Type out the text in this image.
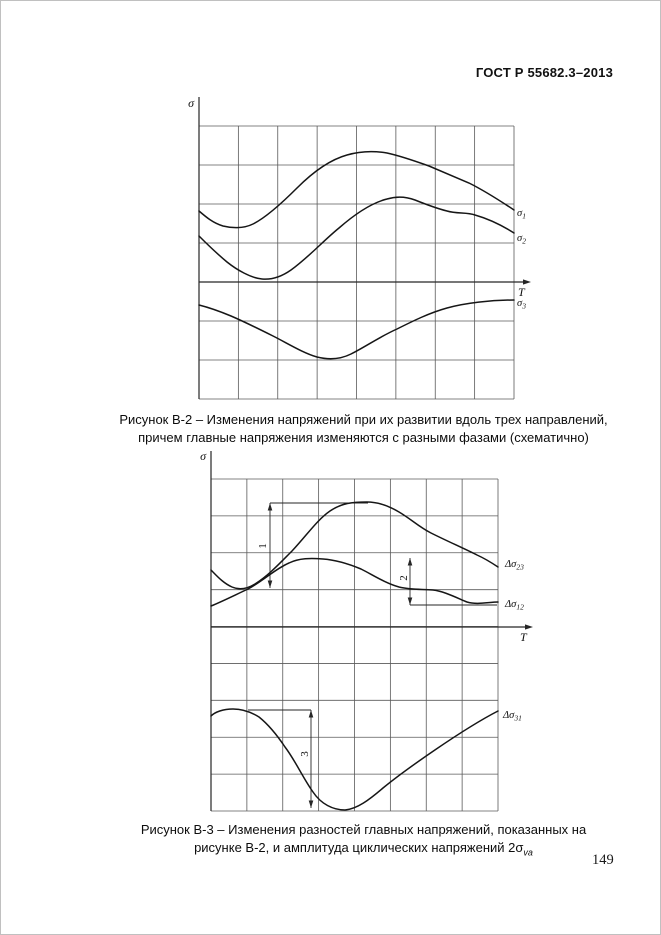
ГОСТ Р 55682.3–2013
σ
T
$\sigma_1$
$\sigma_2$
$\sigma_3$
Рисунок В-2 – Изменения напряжений при их развитии вдоль трех направлений,
причем главные напряжения изменяются с разными фазами (схематично)
σ
T
$\Delta\sigma_{23}$
$\Delta\sigma_{12}$
$\Delta\sigma_{31}$
1
2
3
Рисунок В-3 – Изменения разностей главных напряжений, показанных на
рисунке В-2, и амплитуда циклических напряжений $2\sigma_{va}$	149
